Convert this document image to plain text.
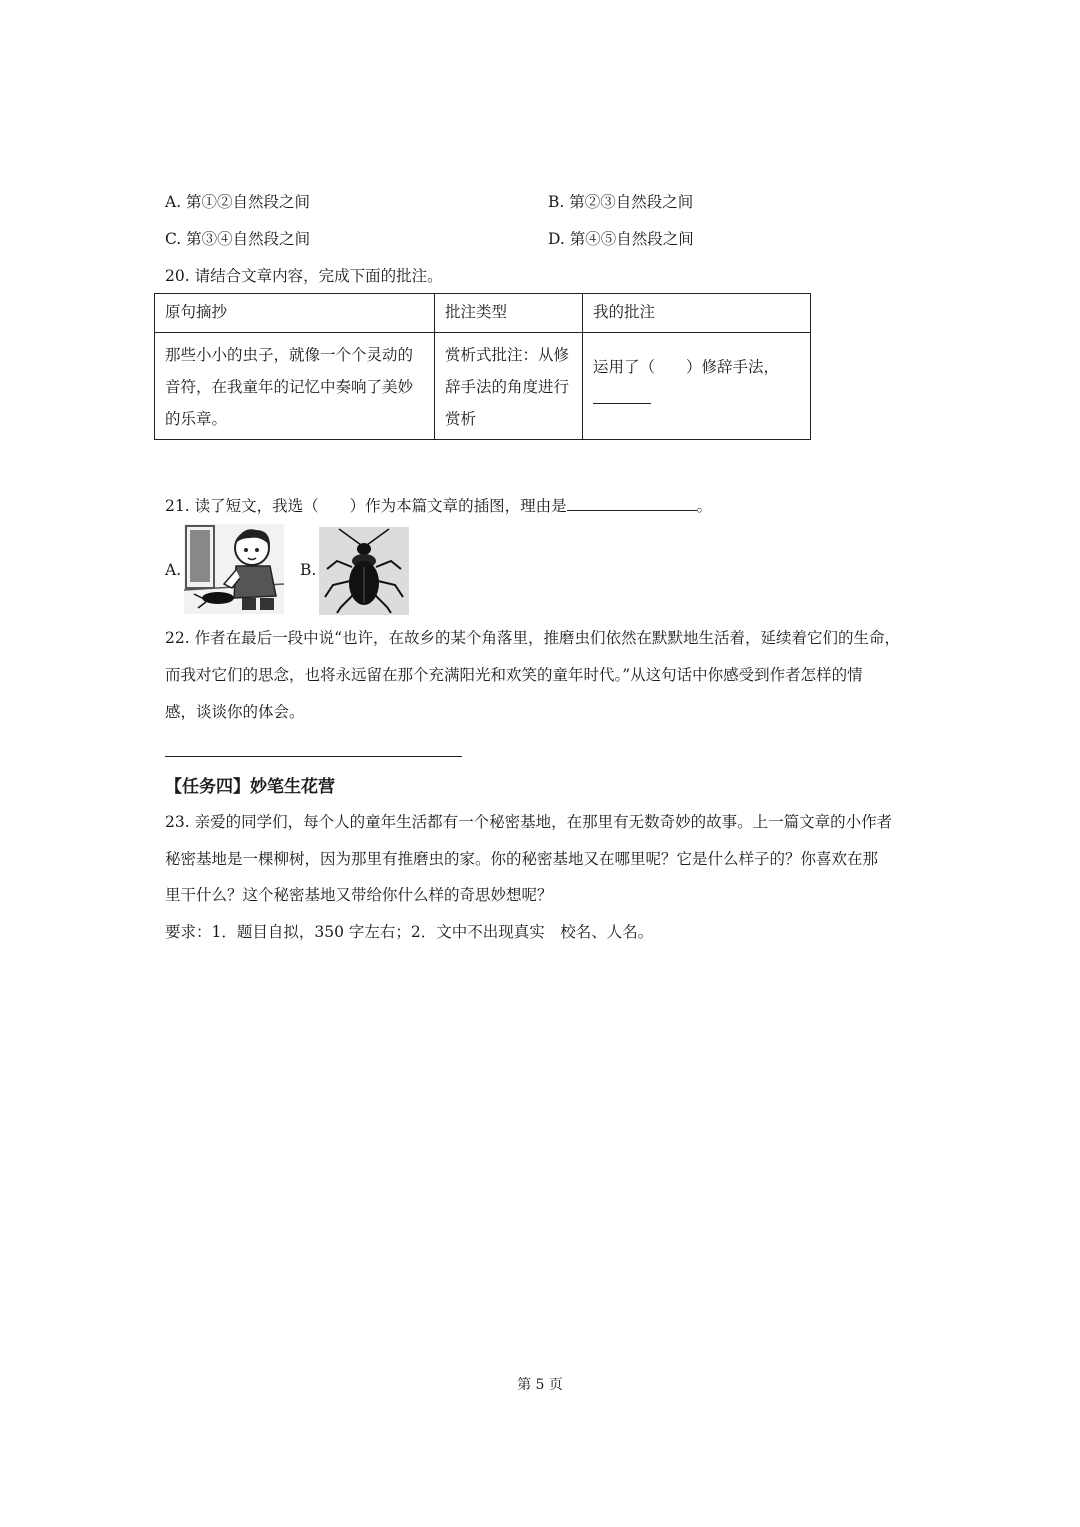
A. 第①②自然段之间	B. 第②③自然段之间
C. 第③④自然段之间	D. 第④⑤自然段之间
20. 请结合文章内容，完成下面的批注。
原句摘抄	批注类型	我的批注
那些小小的虫子，就像一个个灵动的音符，在我童年的记忆中奏响了美妙的乐章。	赏析式批注：从修辞手法的角度进行赏析	运用了（　　）修辞手法，

21. 读了短文，我选（　　）作为本篇文章的插图，理由是	。
A.	B.
22. 作者在最后一段中说“也许，在故乡的某个角落里，推磨虫们依然在默默地生活着，延续着它们的生命，
而我对它们的思念，也将永远留在那个充满阳光和欢笑的童年时代。”从这句话中你感受到作者怎样的情
感，谈谈你的体会。
【任务四】妙笔生花营
23. 亲爱的同学们，每个人的童年生活都有一个秘密基地，在那里有无数奇妙的故事。上一篇文章的小作者
秘密基地是一棵柳树，因为那里有推磨虫的家。你的秘密基地又在哪里呢？它是什么样子的？你喜欢在那
里干什么？这个秘密基地又带给你什么样的奇思妙想呢？
要求：1．题目自拟，350 字左右；2．文中不出现真实　校名、人名。
第 5 页
